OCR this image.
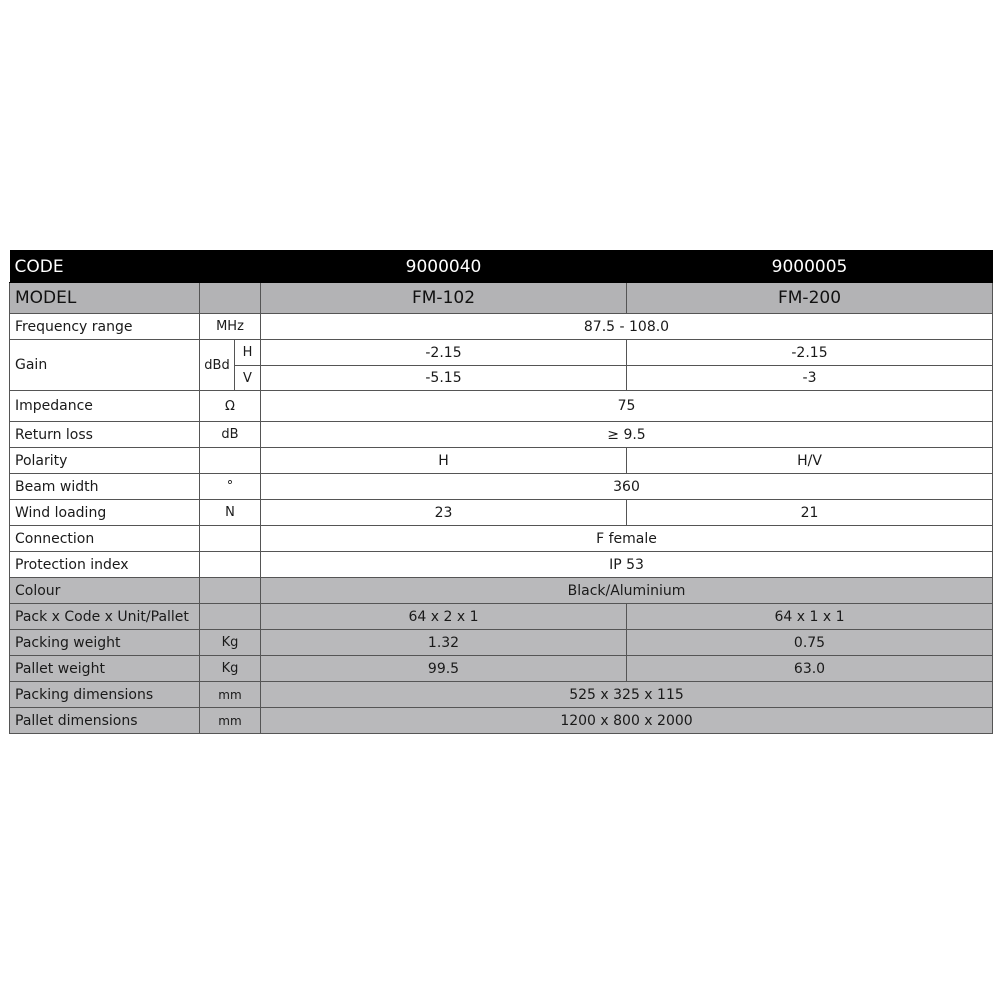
CODE			9000040	9000005
MODEL			FM-102	FM-200
Frequency range	MHz		87.5 - 108.0	
Gain	dBd	H	-2.15	-2.15
		V	-5.15	-3
Impedance	Ω		75	
Return loss	dB		≥ 9.5	
Polarity			H	H/V
Beam width	°		360	
Wind loading	N		23	21
Connection			F female	
Protection index			IP 53	
Colour			Black/Aluminium	
Pack x Code x Unit/Pallet			64 x 2 x 1	64 x 1 x 1
Packing weight	Kg		1.32	0.75
Pallet weight	Kg		99.5	63.0
Packing dimensions	mm		525 x 325 x 115	
Pallet dimensions	mm		1200 x 800 x 2000	
